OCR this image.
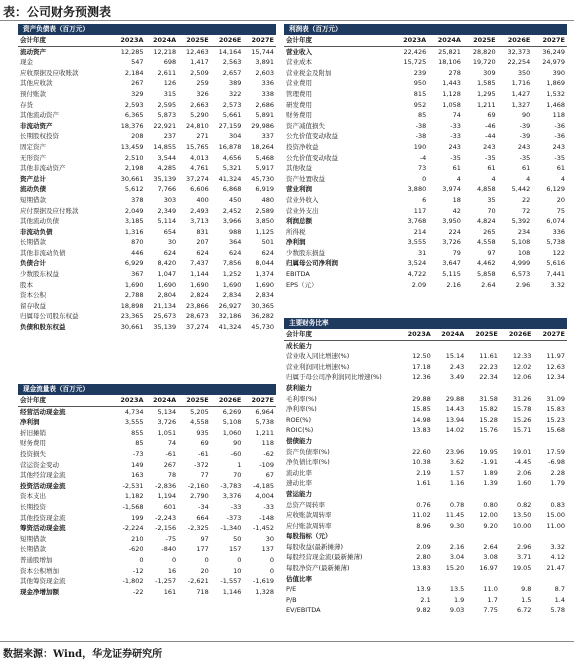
表：公司财务预测表
资产负债表（百万元）
会计年度	2023A	2024A	2025E	2026E	2027E
流动资产	12,285	12,218	12,463	14,164	15,744
现金	547	698	1,417	2,563	3,891
应收票据及应收账款	2,184	2,611	2,509	2,657	2,603
其他应收款	267	126	259	389	336
预付账款	329	315	326	322	338
存货	2,593	2,595	2,663	2,573	2,686
其他流动资产	6,365	5,873	5,290	5,661	5,891
非流动资产	18,376	22,921	24,810	27,159	29,986
长期股权投资	208	237	271	304	337
固定资产	13,459	14,855	15,765	16,878	18,264
无形资产	2,510	3,544	4,013	4,656	5,468
其他非流动资产	2,198	4,285	4,761	5,321	5,917
资产总计	30,661	35,139	37,274	41,324	45,730
流动负债	5,612	7,766	6,606	6,868	6,919
短期借款	378	303	400	450	480
应付票据及应付账款	2,049	2,349	2,493	2,452	2,589
其他流动负债	3,185	5,114	3,713	3,966	3,850
非流动负债	1,316	654	831	988	1,125
长期借款	870	30	207	364	501
其他非流动负债	446	624	624	624	624
负债合计	6,929	8,420	7,437	7,856	8,044
少数股东权益	367	1,047	1,144	1,252	1,374
股本	1,690	1,690	1,690	1,690	1,690
资本公积	2,788	2,804	2,824	2,834	2,834
留存收益	18,898	21,134	23,866	26,927	30,365
归属母公司股东权益	23,365	25,673	28,673	32,186	36,282
负债和股东权益	30,661	35,139	37,274	41,324	45,730
利润表（百万元）
会计年度	2023A	2024A	2025E	2026E	2027E
营业收入	22,426	25,821	28,820	32,373	36,249
营业成本	15,725	18,106	19,720	22,254	24,979
营业税金及附加	239	278	309	350	390
营业费用	950	1,443	1,585	1,716	1,869
管理费用	815	1,128	1,295	1,427	1,532
研发费用	952	1,058	1,211	1,327	1,468
财务费用	85	74	69	90	118
资产减值损失	-38	-33	-46	-39	-36
公允价值变动收益	-38	-33	-44	-39	-36
投资净收益	190	243	243	243	243
公允价值变动收益	-4	-35	-35	-35	-35
其他收益	73	61	61	61	61
资产处置收益	0	4	4	4	4
营业利润	3,880	3,974	4,858	5,442	6,129
营业外收入	6	18	35	22	20
营业外支出	117	42	70	72	75
利润总额	3,768	3,950	4,824	5,392	6,074
所得税	214	224	265	234	336
净利润	3,555	3,726	4,558	5,108	5,738
少数股东损益	31	79	97	108	122
归属母公司净利润	3,524	3,647	4,462	4,999	5,616
EBITDA	4,722	5,115	5,858	6,573	7,441
EPS（元）	2.09	2.16	2.64	2.96	3.32
主要财务比率
会计年度	2023A	2024A	2025E	2026E	2027E
成长能力					
营业收入同比增速(%)	12.50	15.14	11.61	12.33	11.97
营业利润同比增速(%)	17.18	2.43	22.23	12.02	12.63
归属于母公司净利润同比增速(%)	12.36	3.49	22.34	12.06	12.34
获利能力					
毛利率(%)	29.88	29.88	31.58	31.26	31.09
净利率(%)	15.85	14.43	15.82	15.78	15.83
ROE(%)	14.98	13.94	15.28	15.26	15.23
ROIC(%)	13.83	14.02	15.76	15.71	15.68
偿债能力					
资产负债率(%)	22.60	23.96	19.95	19.01	17.59
净负债比率(%)	10.38	3.62	-1.91	-4.45	-6.98
流动比率	2.19	1.57	1.89	2.06	2.28
速动比率	1.61	1.16	1.39	1.60	1.79
营运能力					
总资产周转率	0.76	0.78	0.80	0.82	0.83
应收账款周转率	11.02	11.45	12.00	13.50	15.00
应付账款周转率	8.96	9.30	9.20	10.00	11.00
每股指标（元）					
每股收益(最新摊薄)	2.09	2.16	2.64	2.96	3.32
每股经营现金流(最新摊薄)	2.80	3.04	3.08	3.71	4.12
每股净资产(最新摊薄)	13.83	15.20	16.97	19.05	21.47
估值比率					
P/E	13.9	13.5	11.0	9.8	8.7
P/B	2.1	1.9	1.7	1.5	1.4
EV/EBITDA	9.82	9.03	7.75	6.72	5.78
现金流量表（百万元）
会计年度	2023A	2024A	2025E	2026E	2027E
经营活动现金流	4,734	5,134	5,205	6,269	6,964
净利润	3,555	3,726	4,558	5,108	5,738
折旧摊销	855	1,051	935	1,060	1,211
财务费用	85	74	69	90	118
投资损失	-73	-61	-61	-60	-62
营运资金变动	149	267	-372	1	-109
其他经营现金流	163	78	77	70	67
投资活动现金流	-2,531	-2,836	-2,160	-3,783	-4,185
资本支出	1,182	1,194	2,790	3,376	4,004
长期投资	-1,568	601	-34	-33	-33
其他投资现金流	199	-2,243	664	-373	-148
筹资活动现金流	-2,224	-2,156	-2,325	-1,340	-1,452
短期借款	210	-75	97	50	30
长期借款	-620	-840	177	157	137
普通股增加	0	0	0	0	0
资本公积增加	-12	16	20	10	0
其他筹资现金流	-1,802	-1,257	-2,621	-1,557	-1,619
现金净增加额	-22	161	718	1,146	1,328
数据来源：Wind，华龙证券研究所
